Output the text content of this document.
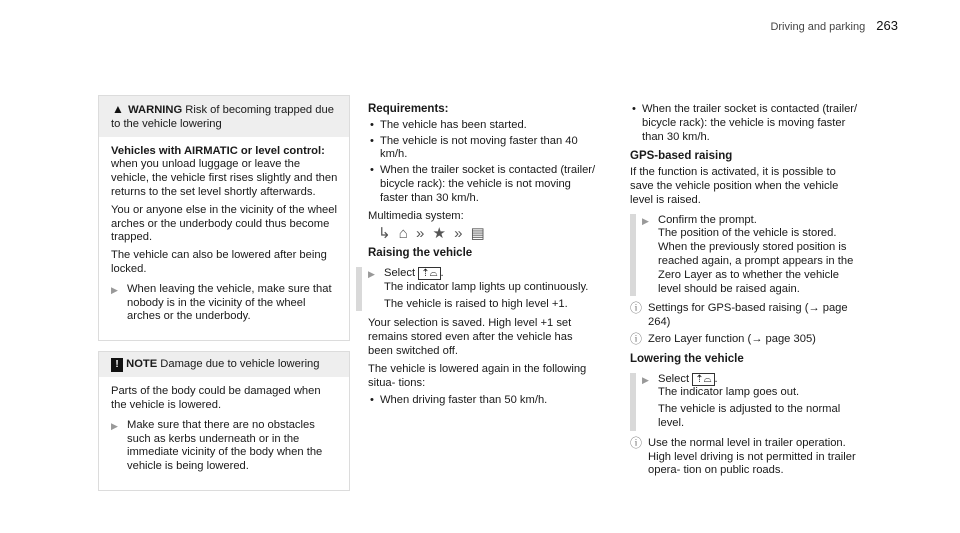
Driving and parking 263
▲ WARNING Risk of becoming trapped due to the vehicle lowering

Vehicles with AIRMATIC or level control: when you unload luggage or leave the vehicle, the vehicle first rises slightly and then returns to the set level shortly afterwards.

You or anyone else in the vicinity of the wheel arches or the underbody could thus become trapped.

The vehicle can also be lowered after being locked.

▶ When leaving the vehicle, make sure that nobody is in the vicinity of the wheel arches or the underbody.
! NOTE Damage due to vehicle lowering

Parts of the body could be damaged when the vehicle is lowered.

▶ Make sure that there are no obstacles such as kerbs underneath or in the immediate vicinity of the body when the vehicle is being lowered.
Requirements:
• The vehicle has been started.
• The vehicle is not moving faster than 40 km/h.
• When the trailer socket is contacted (trailer/ bicycle rack): the vehicle is not moving faster than 30 km/h.

Multimedia system:

↳ ⌂ » ★ » ▤
Raising the vehicle
▶ Select ⇡⌓ .
The indicator lamp lights up continuously.
The vehicle is raised to high level +1.

Your selection is saved. High level +1 set remains stored even after the vehicle has been switched off.

The vehicle is lowered again in the following situa- tions:

• When driving faster than 50 km/h.
• When the trailer socket is contacted (trailer/ bicycle rack): the vehicle is moving faster than 30 km/h.
GPS-based raising

If the function is activated, it is possible to save the vehicle position when the vehicle level is raised.

▶ Confirm the prompt.
The position of the vehicle is stored. When the previously stored position is reached again, a prompt appears in the Zero Layer as to whether the vehicle level should be raised again.
ⓘ Settings for GPS-based raising (→ page 264)
ⓘ Zero Layer function (→ page 305)
Lowering the vehicle
▶ Select ⇡⌓ .
The indicator lamp goes out.
The vehicle is adjusted to the normal level.
ⓘ Use the normal level in trailer operation. High level driving is not permitted in trailer opera- tion on public roads.
